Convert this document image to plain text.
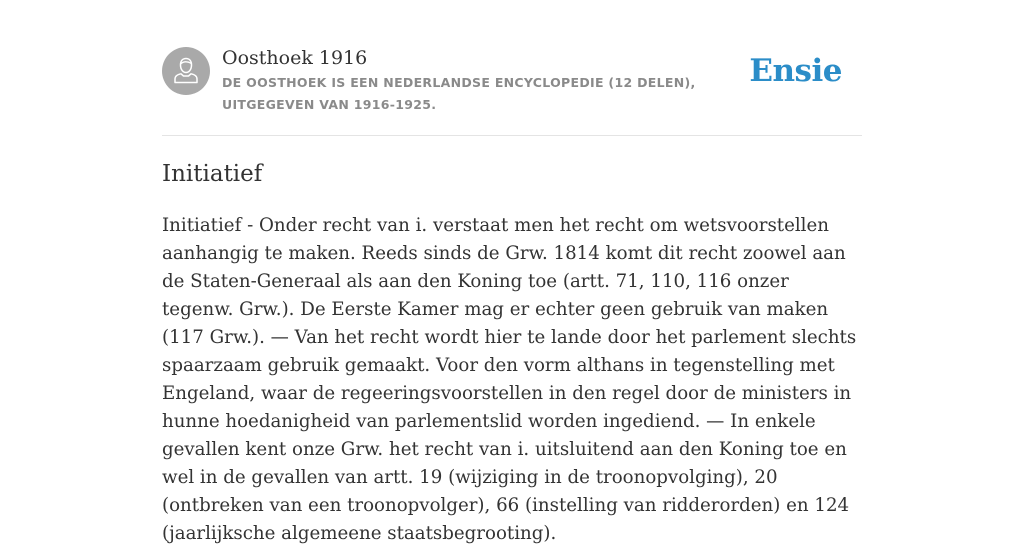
Oosthoek 1916
DE OOSTHOEK IS EEN NEDERLANDSE ENCYCLOPEDIE (12 DELEN), UITGEGEVEN VAN 1916-1925.
Ensie
Initiatief

Initiatief - Onder recht van i. verstaat men het recht om wetsvoorstellen aanhangig te maken. Reeds sinds de Grw. 1814 komt dit recht zoowel aan de Staten-Generaal als aan den Koning toe (artt. 71, 110, 116 onzer tegenw. Grw.). De Eerste Kamer mag er echter geen gebruik van maken (117 Grw.). — Van het recht wordt hier te lande door het parlement slechts spaarzaam gebruik gemaakt. Voor den vorm althans in tegenstelling met Engeland, waar de regeeringsvoorstellen in den regel door de ministers in hunne hoedanigheid van parlementslid worden ingediend. — In enkele gevallen kent onze Grw. het recht van i. uitsluitend aan den Koning toe en wel in de gevallen van artt. 19 (wijziging in de troonopvolging), 20 (ontbreken van een troonopvolger), 66 (instelling van ridderorden) en 124 (jaarlijksche algemeene staatsbegrooting).
